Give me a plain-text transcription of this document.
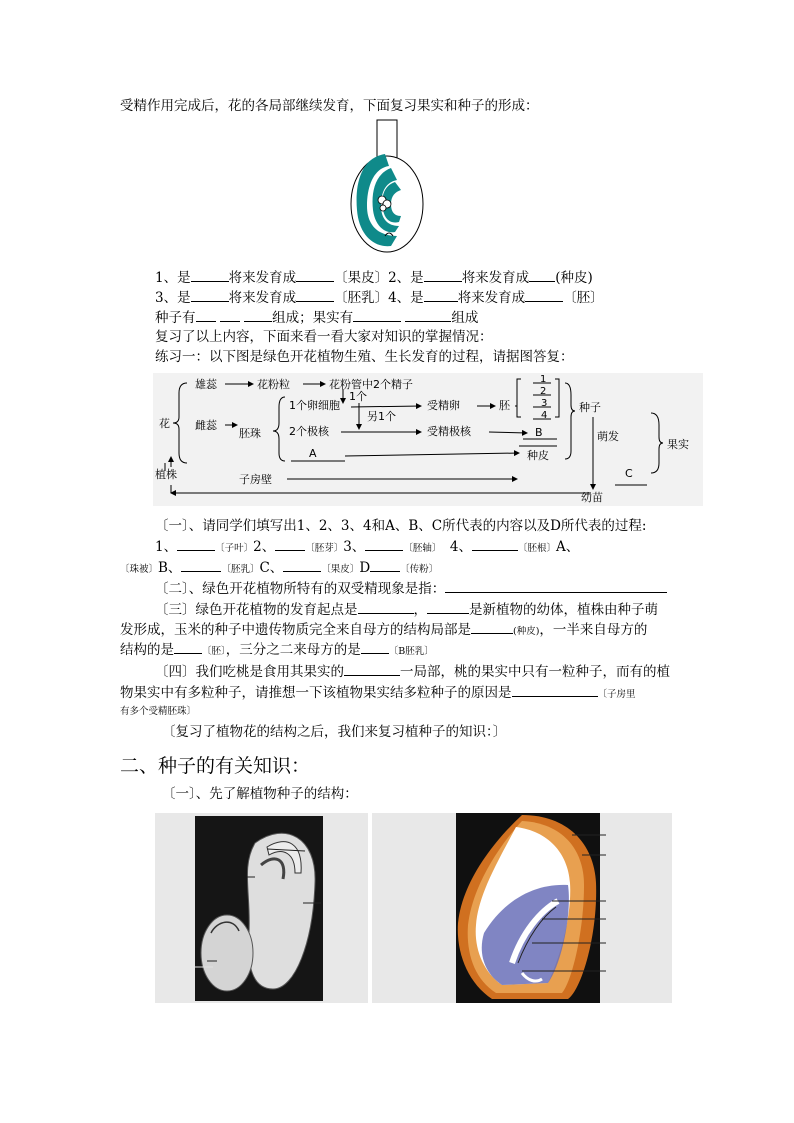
受精作用完成后，花的各局部继续发育，下面复习果实和种子的形成：
1、是	将来发育成	〔果皮〕2、是	将来发育成 (种皮)
3、是	将来发育成	〔胚乳〕4、是	将来发育成	〔胚〕
种子有	组成；果实有	组成
复习了以上内容，下面来看一看大家对知识的掌握情况：
练习一：以下图是绿色开花植物生殖、生长发育的过程，请据图答复：
花
雄蕊	花粉粒	花粉管中2个精子
1个
1个卵细胞
另1个
受精卵	胚
1
2
3
4
种子
雌蕊
胚珠	2个极核	受精极核	B	萌发
果实
A	种皮
植株	子房壁	C
幼苗
〔一〕、请同学们填写出1、2、3、4和A、B、C所代表的内容以及D所代表的过程:
1、	〔子叶〕2、	〔胚芽〕3、	〔胚轴〕 4、	〔胚根〕A、
〔珠被〕B、	〔胚乳〕C、	〔果皮〕D	〔传粉〕
〔二〕、绿色开花植物所特有的双受精现象是指：
〔三〕绿色开花植物的发育起点是	，	是新植物的幼体，植株由种子萌
发形成，玉米的种子中遗传物质完全来自母方的结构局部是	(种皮)，一半来自母方的
结构的是	〔胚〕，三分之二来母方的是	〔B胚乳〕
〔四〕我们吃桃是食用其果实的	一局部，桃的果实中只有一粒种子，而有的植
物果实中有多粒种子，请推想一下该植物果实结多粒种子的原因是	〔子房里
有多个受精胚珠〕
〔复习了植物花的结构之后，我们来复习植种子的知识：〕
二、种子的有关知识：
〔一〕、先了解植物种子的结构：
